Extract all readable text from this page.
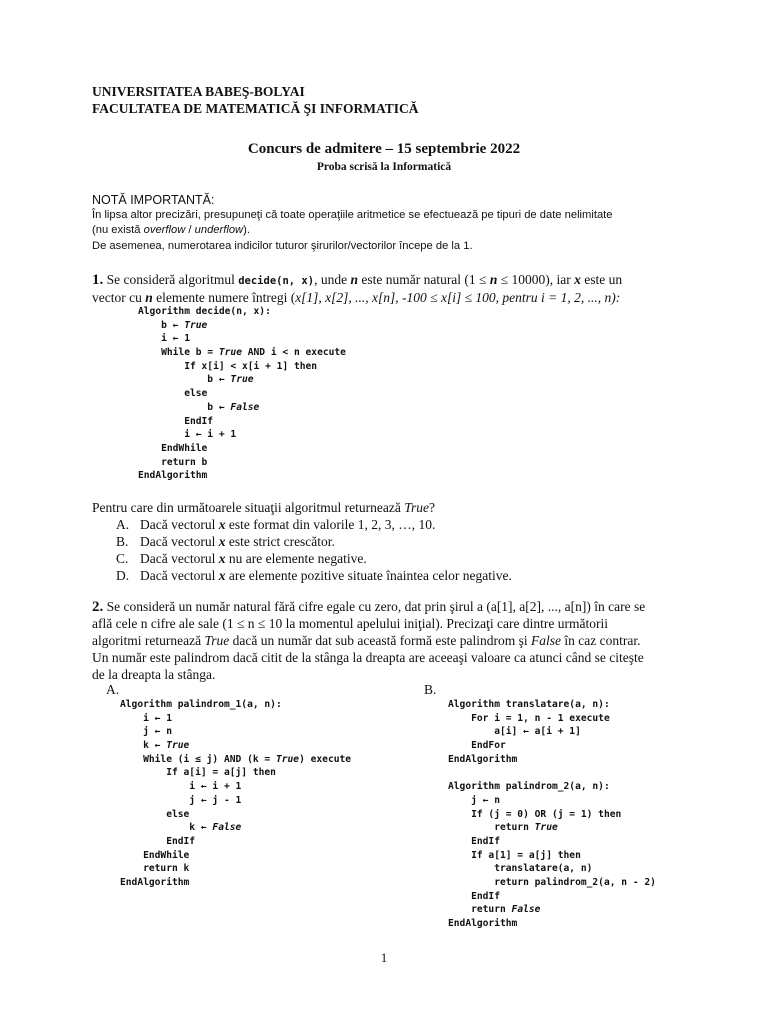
UNIVERSITATEA BABEŞ-BOLYAI
FACULTATEA DE MATEMATICĂ ŞI INFORMATICĂ
Concurs de admitere – 15 septembrie 2022
Proba scrisă la Informatică
NOTĂ IMPORTANTĂ:
În lipsa altor precizări, presupuneţi că toate operaţiile aritmetice se efectuează pe tipuri de date nelimitate
(nu există overflow / underflow).
De asemenea, numerotarea indicilor tuturor şirurilor/vectorilor începe de la 1.
1. Se consideră algoritmul decide(n, x), unde n este număr natural (1 ≤ n ≤ 10000), iar x este un
vector cu n elemente numere întregi (x[1], x[2], ..., x[n], -100 ≤ x[i] ≤ 100, pentru i = 1, 2, ..., n):
Algorithm decide(n, x):
b ← True
i ← 1
While b = True AND i < n execute
If x[i] < x[i + 1] then
b ← True
else
b ← False
EndIf
i ← i + 1
EndWhile
return b
EndAlgorithm
Pentru care din următoarele situaţii algoritmul returnează True?
A. Dacă vectorul x este format din valorile 1, 2, 3, …, 10.
B. Dacă vectorul x este strict crescător.
C. Dacă vectorul x nu are elemente negative.
D. Dacă vectorul x are elemente pozitive situate înaintea celor negative.
2. Se consideră un număr natural fără cifre egale cu zero, dat prin şirul a (a[1], a[2], ..., a[n]) în care se
află cele n cifre ale sale (1 ≤ n ≤ 10 la momentul apelului iniţial). Precizaţi care dintre următorii
algoritmi returnează True dacă un număr dat sub această formă este palindrom şi False în caz contrar.
Un număr este palindrom dacă citit de la stânga la dreapta are aceeaşi valoare ca atunci când se citeşte
de la dreapta la stânga.
A.	B.
Algorithm palindrom_1(a, n):
i ← 1
j ← n
k ← True
While (i ≤ j) AND (k = True) execute
If a[i] = a[j] then
i ← i + 1
j ← j - 1
else
k ← False
EndIf
EndWhile
return k
EndAlgorithm
Algorithm translatare(a, n):
For i = 1, n - 1 execute
a[i] ← a[i + 1]
EndFor
EndAlgorithm
Algorithm palindrom_2(a, n):
j ← n
If (j = 0) OR (j = 1) then
return True
EndIf
If a[1] = a[j] then
translatare(a, n)
return palindrom_2(a, n - 2)
EndIf
return False
EndAlgorithm
1
